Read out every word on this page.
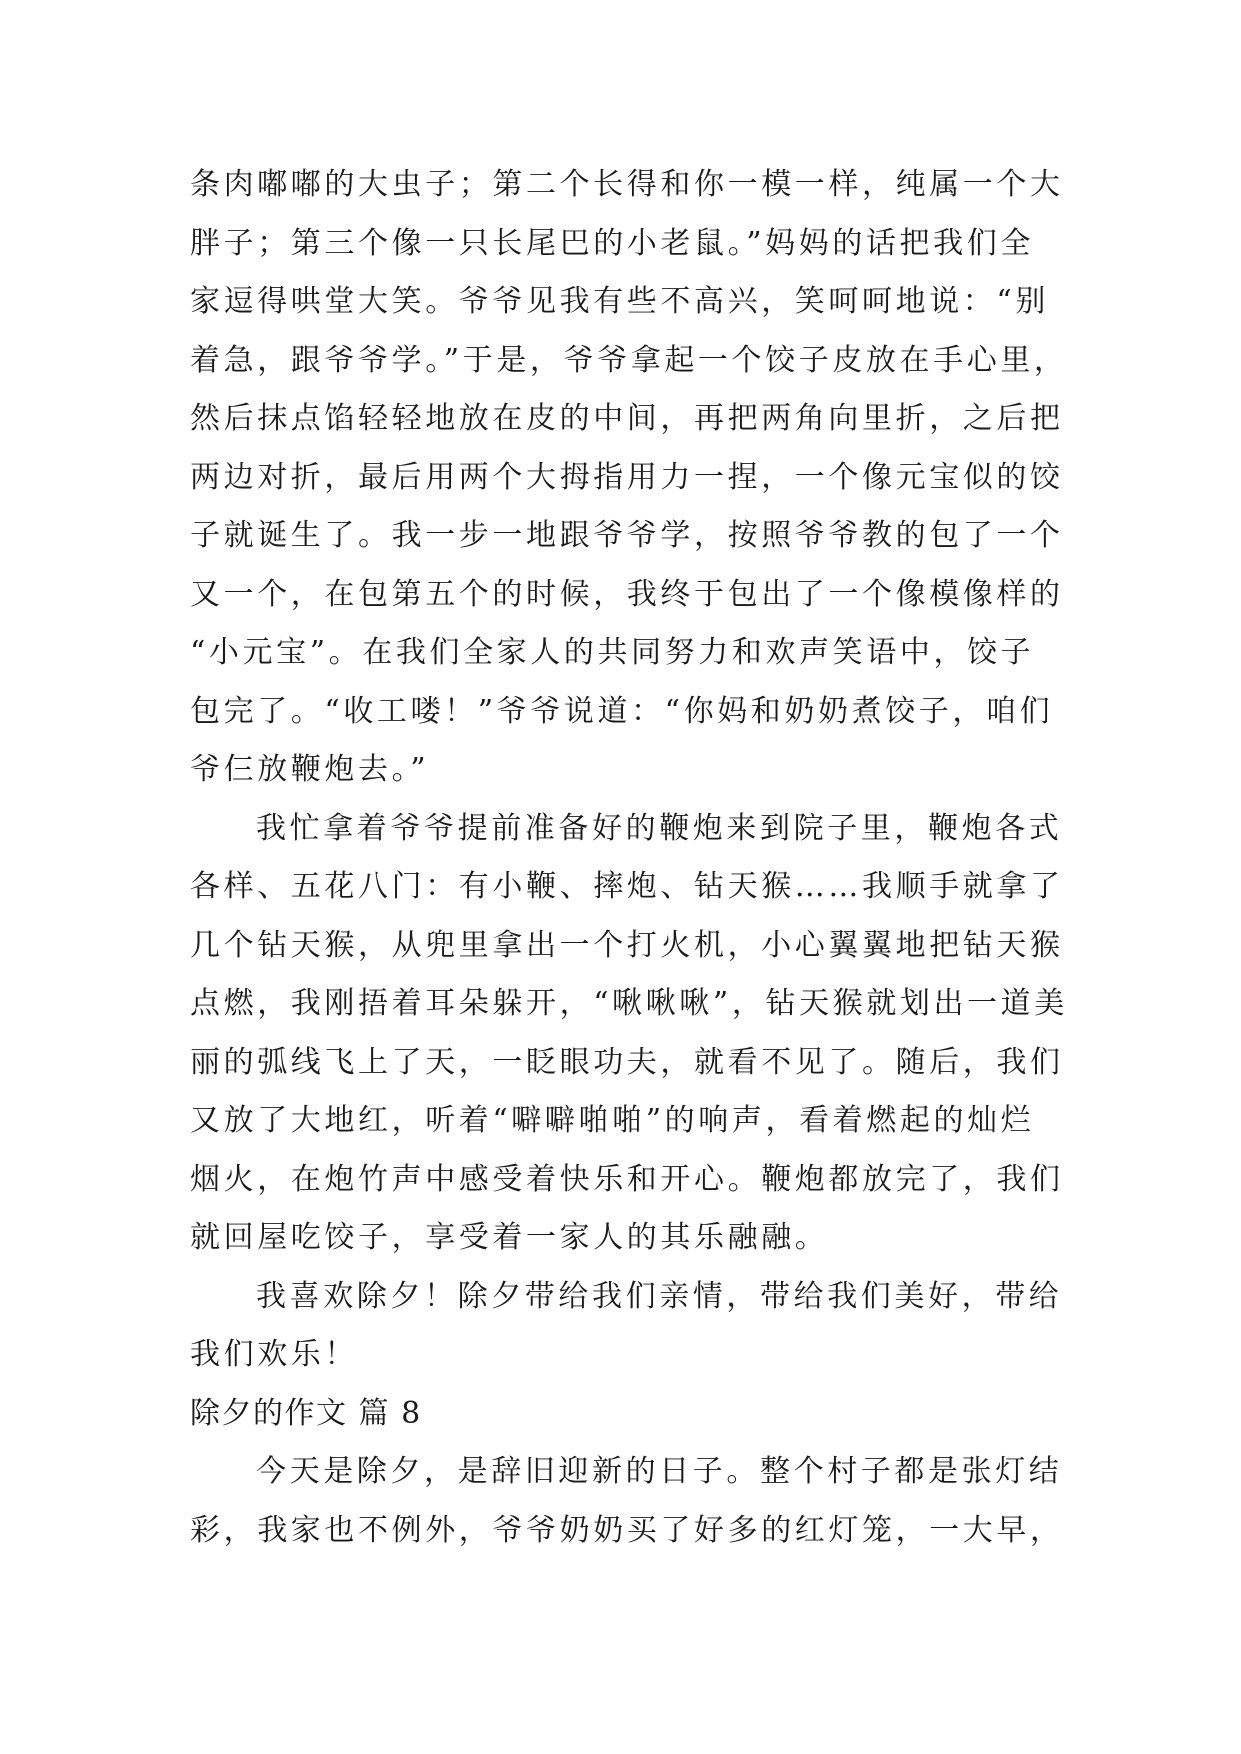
条肉嘟嘟的大虫子；第二个长得和你一模一样，纯属一个大
胖子；第三个像一只长尾巴的小老鼠。”妈妈的话把我们全
家逗得哄堂大笑。爷爷见我有些不高兴，笑呵呵地说：“别
着急，跟爷爷学。”于是，爷爷拿起一个饺子皮放在手心里，
然后抹点馅轻轻地放在皮的中间，再把两角向里折，之后把
两边对折，最后用两个大拇指用力一捏，一个像元宝似的饺
子就诞生了。我一步一地跟爷爷学，按照爷爷教的包了一个
又一个，在包第五个的时候，我终于包出了一个像模像样的
“小元宝”。在我们全家人的共同努力和欢声笑语中，饺子
包完了。“收工喽！”爷爷说道：“你妈和奶奶煮饺子，咱们
爷仨放鞭炮去。”
我忙拿着爷爷提前准备好的鞭炮来到院子里，鞭炮各式
各样、五花八门：有小鞭、摔炮、钻天猴……我顺手就拿了
几个钻天猴，从兜里拿出一个打火机，小心翼翼地把钻天猴
点燃，我刚捂着耳朵躲开，“啾啾啾”，钻天猴就划出一道美
丽的弧线飞上了天，一眨眼功夫，就看不见了。随后，我们
又放了大地红，听着“噼噼啪啪”的响声，看着燃起的灿烂
烟火，在炮竹声中感受着快乐和开心。鞭炮都放完了，我们
就回屋吃饺子，享受着一家人的其乐融融。
我喜欢除夕！除夕带给我们亲情，带给我们美好，带给
我们欢乐！
除夕的作文 篇 8
今天是除夕，是辞旧迎新的日子。整个村子都是张灯结
彩，我家也不例外，爷爷奶奶买了好多的红灯笼，一大早，
